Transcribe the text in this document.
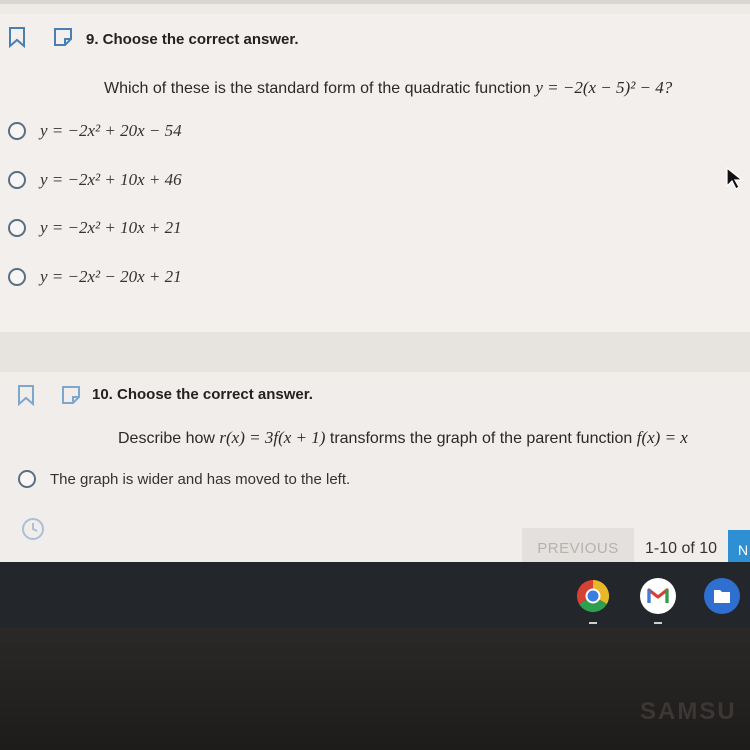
9. Choose the correct answer.
Which of these is the standard form of the quadratic function y = −2(x − 5)² − 4?
y = −2x² + 20x − 54
y = −2x² + 10x + 46
y = −2x² + 10x + 21
y = −2x² − 20x + 21
10. Choose the correct answer.
Describe how r(x) = 3f(x + 1) transforms the graph of the parent function f(x) = x
The graph is wider and has moved to the left.
PREVIOUS	1-10 of 10	N
SAMSU
